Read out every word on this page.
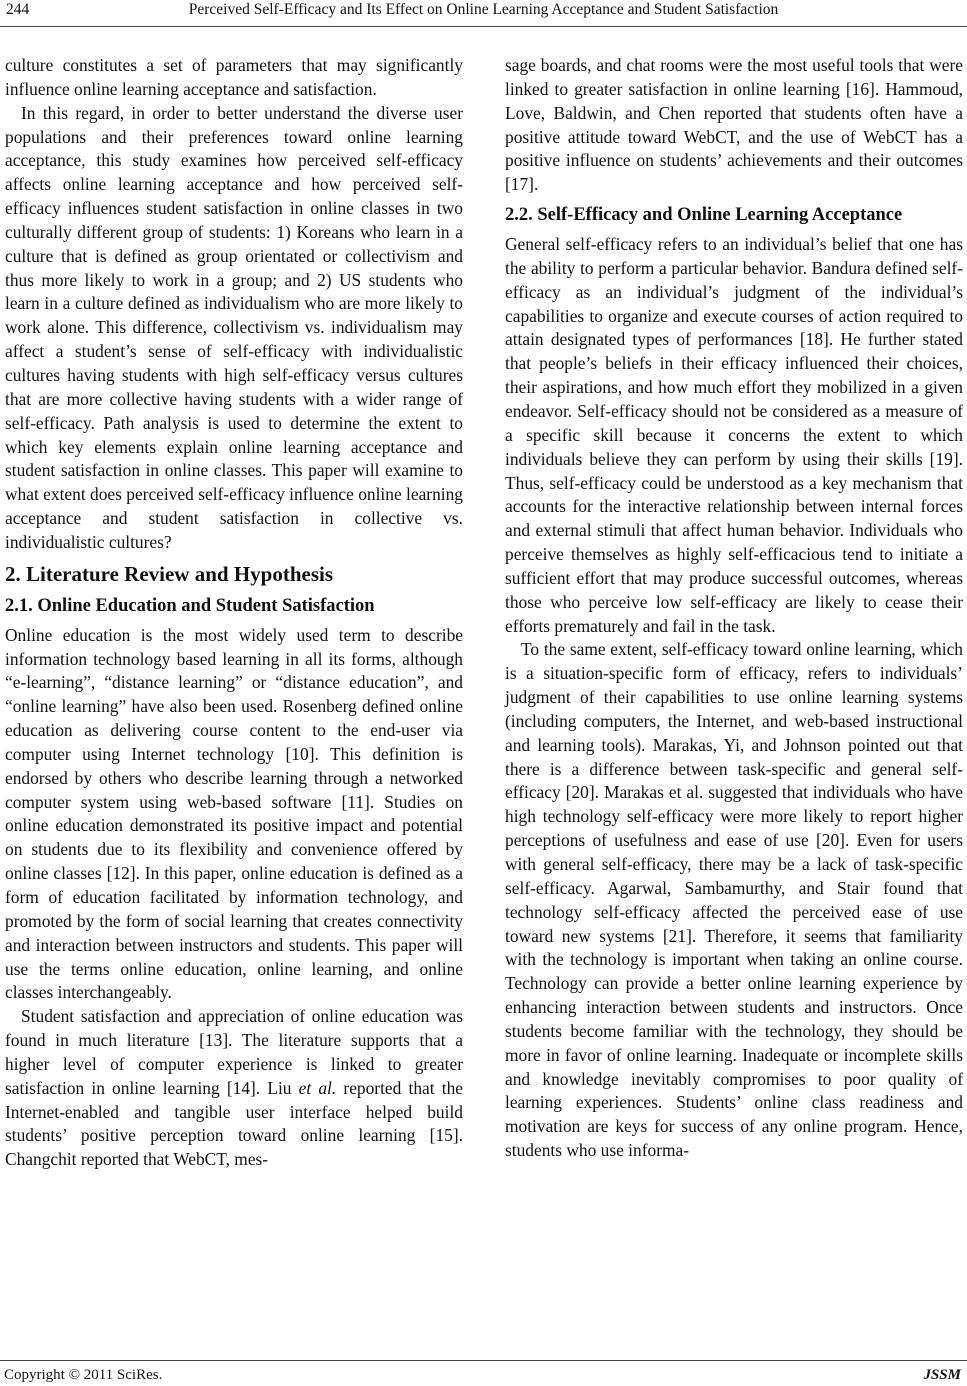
244	Perceived Self-Efficacy and Its Effect on Online Learning Acceptance and Student Satisfaction

culture constitutes a set of parameters that may significantly influence online learning acceptance and satisfaction.

In this regard, in order to better understand the diverse user populations and their preferences toward online learning acceptance, this study examines how perceived self-efficacy affects online learning acceptance and how perceived self-efficacy influences student satisfaction in online classes in two culturally different group of students: 1) Koreans who learn in a culture that is defined as group orientated or collectivism and thus more likely to work in a group; and 2) US students who learn in a culture defined as individualism who are more likely to work alone. This difference, collectivism vs. individualism may affect a student’s sense of self-efficacy with individualistic cultures having students with high self-efficacy versus cultures that are more collective having students with a wider range of self-efficacy. Path analysis is used to determine the extent to which key elements explain online learning acceptance and student satisfaction in online classes. This paper will examine to what extent does perceived self-efficacy influence online learning acceptance and student satisfaction in collective vs. individualistic cultures?

2. Literature Review and Hypothesis
2.1. Online Education and Student Satisfaction

Online education is the most widely used term to describe information technology based learning in all its forms, although “e-learning”, “distance learning” or “distance education”, and “online learning” have also been used. Rosenberg defined online education as delivering course content to the end-user via computer using Internet technology [10]. This definition is endorsed by others who describe learning through a networked computer system using web-based software [11]. Studies on online education demonstrated its positive impact and potential on students due to its flexibility and convenience offered by online classes [12]. In this paper, online education is defined as a form of education facilitated by information technology, and promoted by the form of social learning that creates connectivity and interaction between instructors and students. This paper will use the terms online education, online learning, and online classes interchangeably.

Student satisfaction and appreciation of online education was found in much literature [13]. The literature supports that a higher level of computer experience is linked to greater satisfaction in online learning [14]. Liu et al. reported that the Internet-enabled and tangible user interface helped build students’ positive perception toward online learning [15]. Changchit reported that WebCT, mes-

sage boards, and chat rooms were the most useful tools that were linked to greater satisfaction in online learning [16]. Hammoud, Love, Baldwin, and Chen reported that students often have a positive attitude toward WebCT, and the use of WebCT has a positive influence on students’ achievements and their outcomes [17].

2.2. Self-Efficacy and Online Learning Acceptance

General self-efficacy refers to an individual’s belief that one has the ability to perform a particular behavior. Bandura defined self-efficacy as an individual’s judgment of the individual’s capabilities to organize and execute courses of action required to attain designated types of performances [18]. He further stated that people’s beliefs in their efficacy influenced their choices, their aspirations, and how much effort they mobilized in a given endeavor. Self-efficacy should not be considered as a measure of a specific skill because it concerns the extent to which individuals believe they can perform by using their skills [19]. Thus, self-efficacy could be understood as a key mechanism that accounts for the interactive relationship between internal forces and external stimuli that affect human behavior. Individuals who perceive themselves as highly self-efficacious tend to initiate a sufficient effort that may produce successful outcomes, whereas those who perceive low self-efficacy are likely to cease their efforts prematurely and fail in the task.

To the same extent, self-efficacy toward online learning, which is a situation-specific form of efficacy, refers to individuals’ judgment of their capabilities to use online learning systems (including computers, the Internet, and web-based instructional and learning tools). Marakas, Yi, and Johnson pointed out that there is a difference between task-specific and general self-efficacy [20]. Marakas et al. suggested that individuals who have high technology self-efficacy were more likely to report higher perceptions of usefulness and ease of use [20]. Even for users with general self-efficacy, there may be a lack of task-specific self-efficacy. Agarwal, Sambamurthy, and Stair found that technology self-efficacy affected the perceived ease of use toward new systems [21]. Therefore, it seems that familiarity with the technology is important when taking an online course. Technology can provide a better online learning experience by enhancing interaction between students and instructors. Once students become familiar with the technology, they should be more in favor of online learning. Inadequate or incomplete skills and knowledge inevitably compromises to poor quality of learning experiences. Students’ online class readiness and motivation are keys for success of any online program. Hence, students who use informa-

Copyright © 2011 SciRes.	JSSM
